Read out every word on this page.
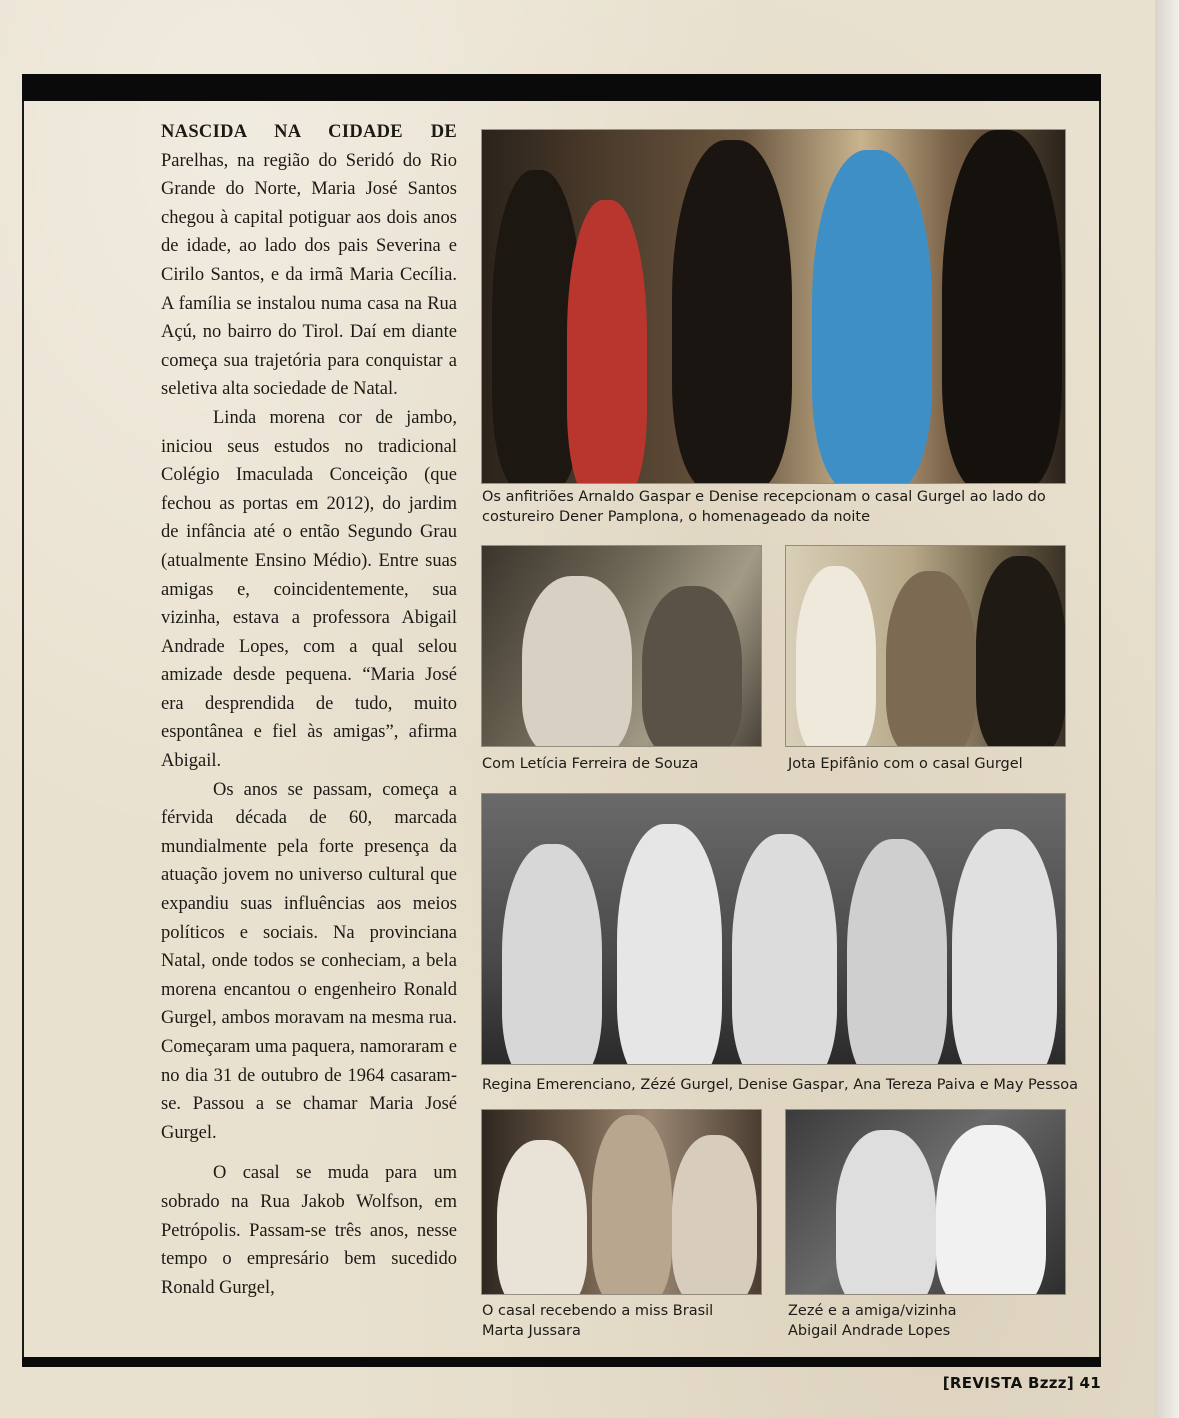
NASCIDA NA CIDADE DE Parelhas, na região do Seridó do Rio Grande do Norte, Maria José Santos chegou à capital potiguar aos dois anos de idade, ao lado dos pais Severina e Cirilo Santos, e da irmã Maria Cecília. A família se instalou numa casa na Rua Açú, no bairro do Tirol. Daí em diante começa sua trajetória para conquistar a seletiva alta sociedade de Natal.

Linda morena cor de jambo, iniciou seus estudos no tradicional Colégio Imaculada Conceição (que fechou as portas em 2012), do jardim de infância até o então Segundo Grau (atualmente Ensino Médio). Entre suas amigas e, coincidentemente, sua vizinha, estava a professora Abigail Andrade Lopes, com a qual selou amizade desde pequena. “Maria José era desprendida de tudo, muito espontânea e fiel às amigas”, afirma Abigail.

Os anos se passam, começa a férvida década de 60, marcada mundialmente pela forte presença da atuação jovem no universo cultural que expandiu suas influências aos meios políticos e sociais. Na provinciana Natal, onde todos se conheciam, a bela morena encantou o engenheiro Ronald Gurgel, ambos moravam na mesma rua. Começaram uma paquera, namoraram e no dia 31 de outubro de 1964 casaram-se. Passou a se chamar Maria José Gurgel.

O casal se muda para um sobrado na Rua Jakob Wolfson, em Petrópolis. Passam-se três anos, nesse tempo o empresário bem sucedido Ronald Gurgel,

Os anfitriões Arnaldo Gaspar e Denise recepcionam o casal Gurgel ao lado do costureiro Dener Pamplona, o homenageado da noite
Com Letícia Ferreira de Souza	Jota Epifânio com o casal Gurgel
Regina Emerenciano, Zézé Gurgel, Denise Gaspar, Ana Tereza Paiva e May Pessoa
O casal recebendo a miss Brasil Marta Jussara
Zezé e a amiga/vizinha Abigail Andrade Lopes
[REVISTA Bzzz] 41
